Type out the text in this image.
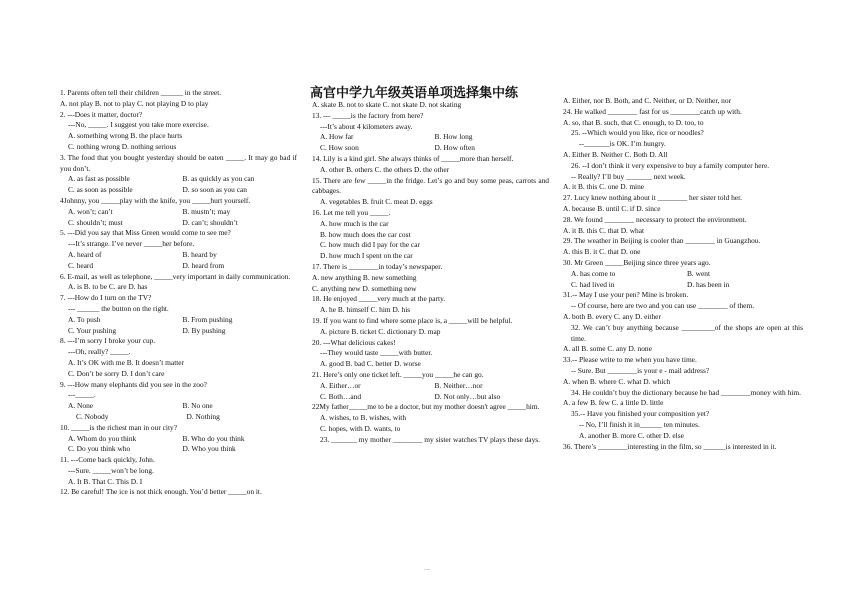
高官中学九年级英语单项选择集中练
1. Parents often tell their children ______ in the street.
A. not play B. not to play C. not playing D to play
2. ---Does it matter, doctor?
---No, _____. I suggest you take more exercise.
A. something wrong B. the place hurts
C. nothing wrong D. nothing serious
3. The food that you bought yesterday should be eaten _____. It may go bad if you don’t.
A. as fast as possible	B. as quickly as you can
C. as soon as possible	D. so soon as you can
4Johnny, you _____play with the knife, you _____hurt yourself.
A. won’t; can’t	B. mustn’t; may
C. shouldn’t; must	D. can’t; shouldn’t
5. ---Did you say that Miss Green would come to see me?
---It’s strange. I’ve never _____her before.
A. heard of	B. heard by
C. heard	D. heard from
6. E-mail, as well as telephone, _____very important in daily communication.
A. is B. to be C. are D. has
7. ---How do I turn on the TV?
--- ______ the button on the right.
A. To push	B. From pushing
C. Your pushing	D. By pushing
8. ---I’m sorry I broke your cup.
---Oh, really? _____.
A. It’s OK with me B. It doesn’t matter
C. Don’t be sorry D. I don’t care
9. ---How many elephants did you see in the zoo?
---_____.
A. None	B. No one
C. Nobody	D. Nothing
10. _____is the richest man in our city?
A. Whom do you think	B. Who do you think
C. Do you think who	D. Who you think
11. ---Come back quickly, John.
---Sure. _____won’t be long.
A. It B. That C. This D. I
12. Be careful! The ice is not thick enough. You’d better _____on it.
A. skate B. not to skate C. not skate D. not skating
13. --- _____is the factory from here?
---It’s about 4 kilometers away.
A. How far	B. How long
C. How soon	D. How often
14. Lily is a kind girl. She always thinks of _____more than herself.
A. other B. others C. the others D. the other
15. There are few _____in the fridge. Let’s go and buy some peas, carrots and cabbages.
A. vegetables B. fruit C. meat D. eggs
16. Let me tell you _____.
A. how much is the car
B. how much does the car cost
C. how much did I pay for the car
D. how much I spent on the car
17. There is ________in today’s newspaper.
A. new anything B. new something
C. anything new D. something new
18. He enjoyed _____very much at the party.
A. he B. himself C. him D. his
19. If you want to find where some place is, a _____will be helpful.
A. picture B. ticket C. dictionary D. map
20. ---What delicious cakes!
---They would taste _____with butter.
A. good B. bad C. better D. worse
21. Here’s only one ticket left. _____you _____he can go.
A. Either…or	B. Neither…nor
C. Both…and	D. Not only…but also
22My father_____me to be a doctor, but my mother doesn't agree _____him.
A. wishes, to B. wishes, with
C. hopes, with D. wants, to
23. _______ my mother ________ my sister watches TV plays these days.
A. Either, nor B. Both, and C. Neither, or D. Neither, nor
24. He walked ________ fast for us ________catch up with.
A. so, that B. such, that C. enough, to D. too, to
25. --Which would you like, rice or noodles?
--_______is OK. I’m hungry.
A. Either B. Neither C. Both D. All
26. --I don’t think it very expensive to buy a family computer here.
-- Really? I’ll buy _______ next week.
A. it B. this C. one D. mine
27. Lucy knew nothing about it ________ her sister told her.
A. because B. until C. if D. since
28. We found ________ necessary to protect the environment.
A. it B. this C. that D. what
29. The weather in Beijing is cooler than ________ in Guangzhou.
A. this B. it C. that D. one
30. Mr Green _____Beijing since three years ago.
A. has come to	B. went
C. had lived in	D. has been in
31.-- May I use your pen? Mine is broken.
-- Of course, here are two and you can use ________ of them.
A. both B. every C. any D. either
32. We can’t buy anything because _________of the shops are open at this time.
A. all B. some C. any D. none
33.-- Please write to me when you have time.
-- Sure. But ________is your e - mail address?
A. when B. where C. what D. which
34. He couldn’t buy the dictionary because he had ________money with him.
A. a few B. few C. a little D. little
35.-- Have you finished your composition yet?
-- No, I’ll finish it in______ ten minutes.
A. another B. more C. other D. else
36. There’s ________interesting in the film, so ______is interested in it.
一
